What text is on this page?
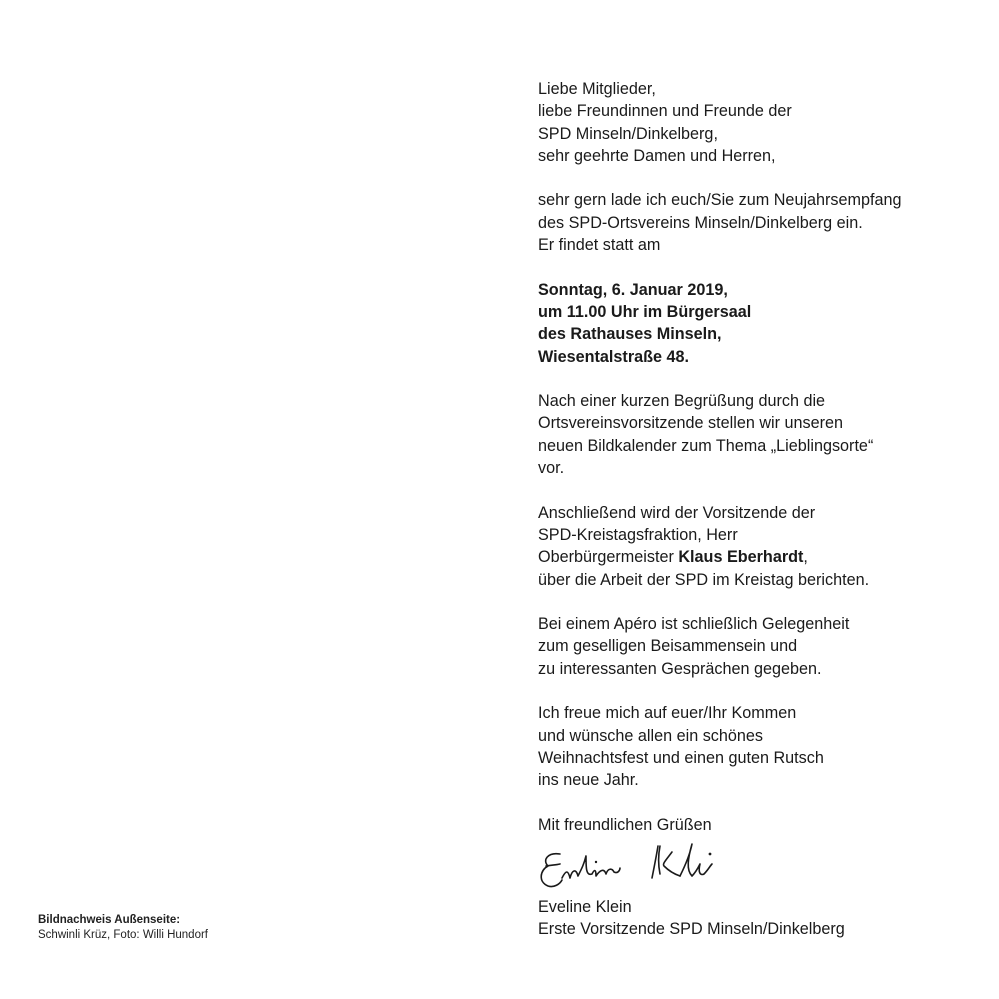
Liebe Mitglieder,
liebe Freundinnen und Freunde der
SPD Minseln/Dinkelberg,
sehr geehrte Damen und Herren,

sehr gern lade ich euch/Sie zum Neujahrsempfang
des SPD-Ortsvereins Minseln/Dinkelberg ein.
Er findet statt am

Sonntag, 6. Januar 2019,
um 11.00 Uhr im Bürgersaal
des Rathauses Minseln,
Wiesentalstraße 48.

Nach einer kurzen Begrüßung durch die
Ortsvereinsvorsitzende stellen wir unseren
neuen Bildkalender zum Thema „Lieblingsorte“
vor.

Anschließend wird der Vorsitzende der
SPD-Kreistagsfraktion, Herr
Oberbürgermeister Klaus Eberhardt,
über die Arbeit der SPD im Kreistag berichten.

Bei einem Apéro ist schließlich Gelegenheit
zum geselligen Beisammensein und
zu interessanten Gesprächen gegeben.

Ich freue mich auf euer/Ihr Kommen
und wünsche allen ein schönes
Weihnachtsfest und einen guten Rutsch
ins neue Jahr.

Mit freundlichen Grüßen
Eveline Klein
Erste Vorsitzende SPD Minseln/Dinkelberg
Bildnachweis Außenseite:
Schwinli Krüz, Foto: Willi Hundorf
